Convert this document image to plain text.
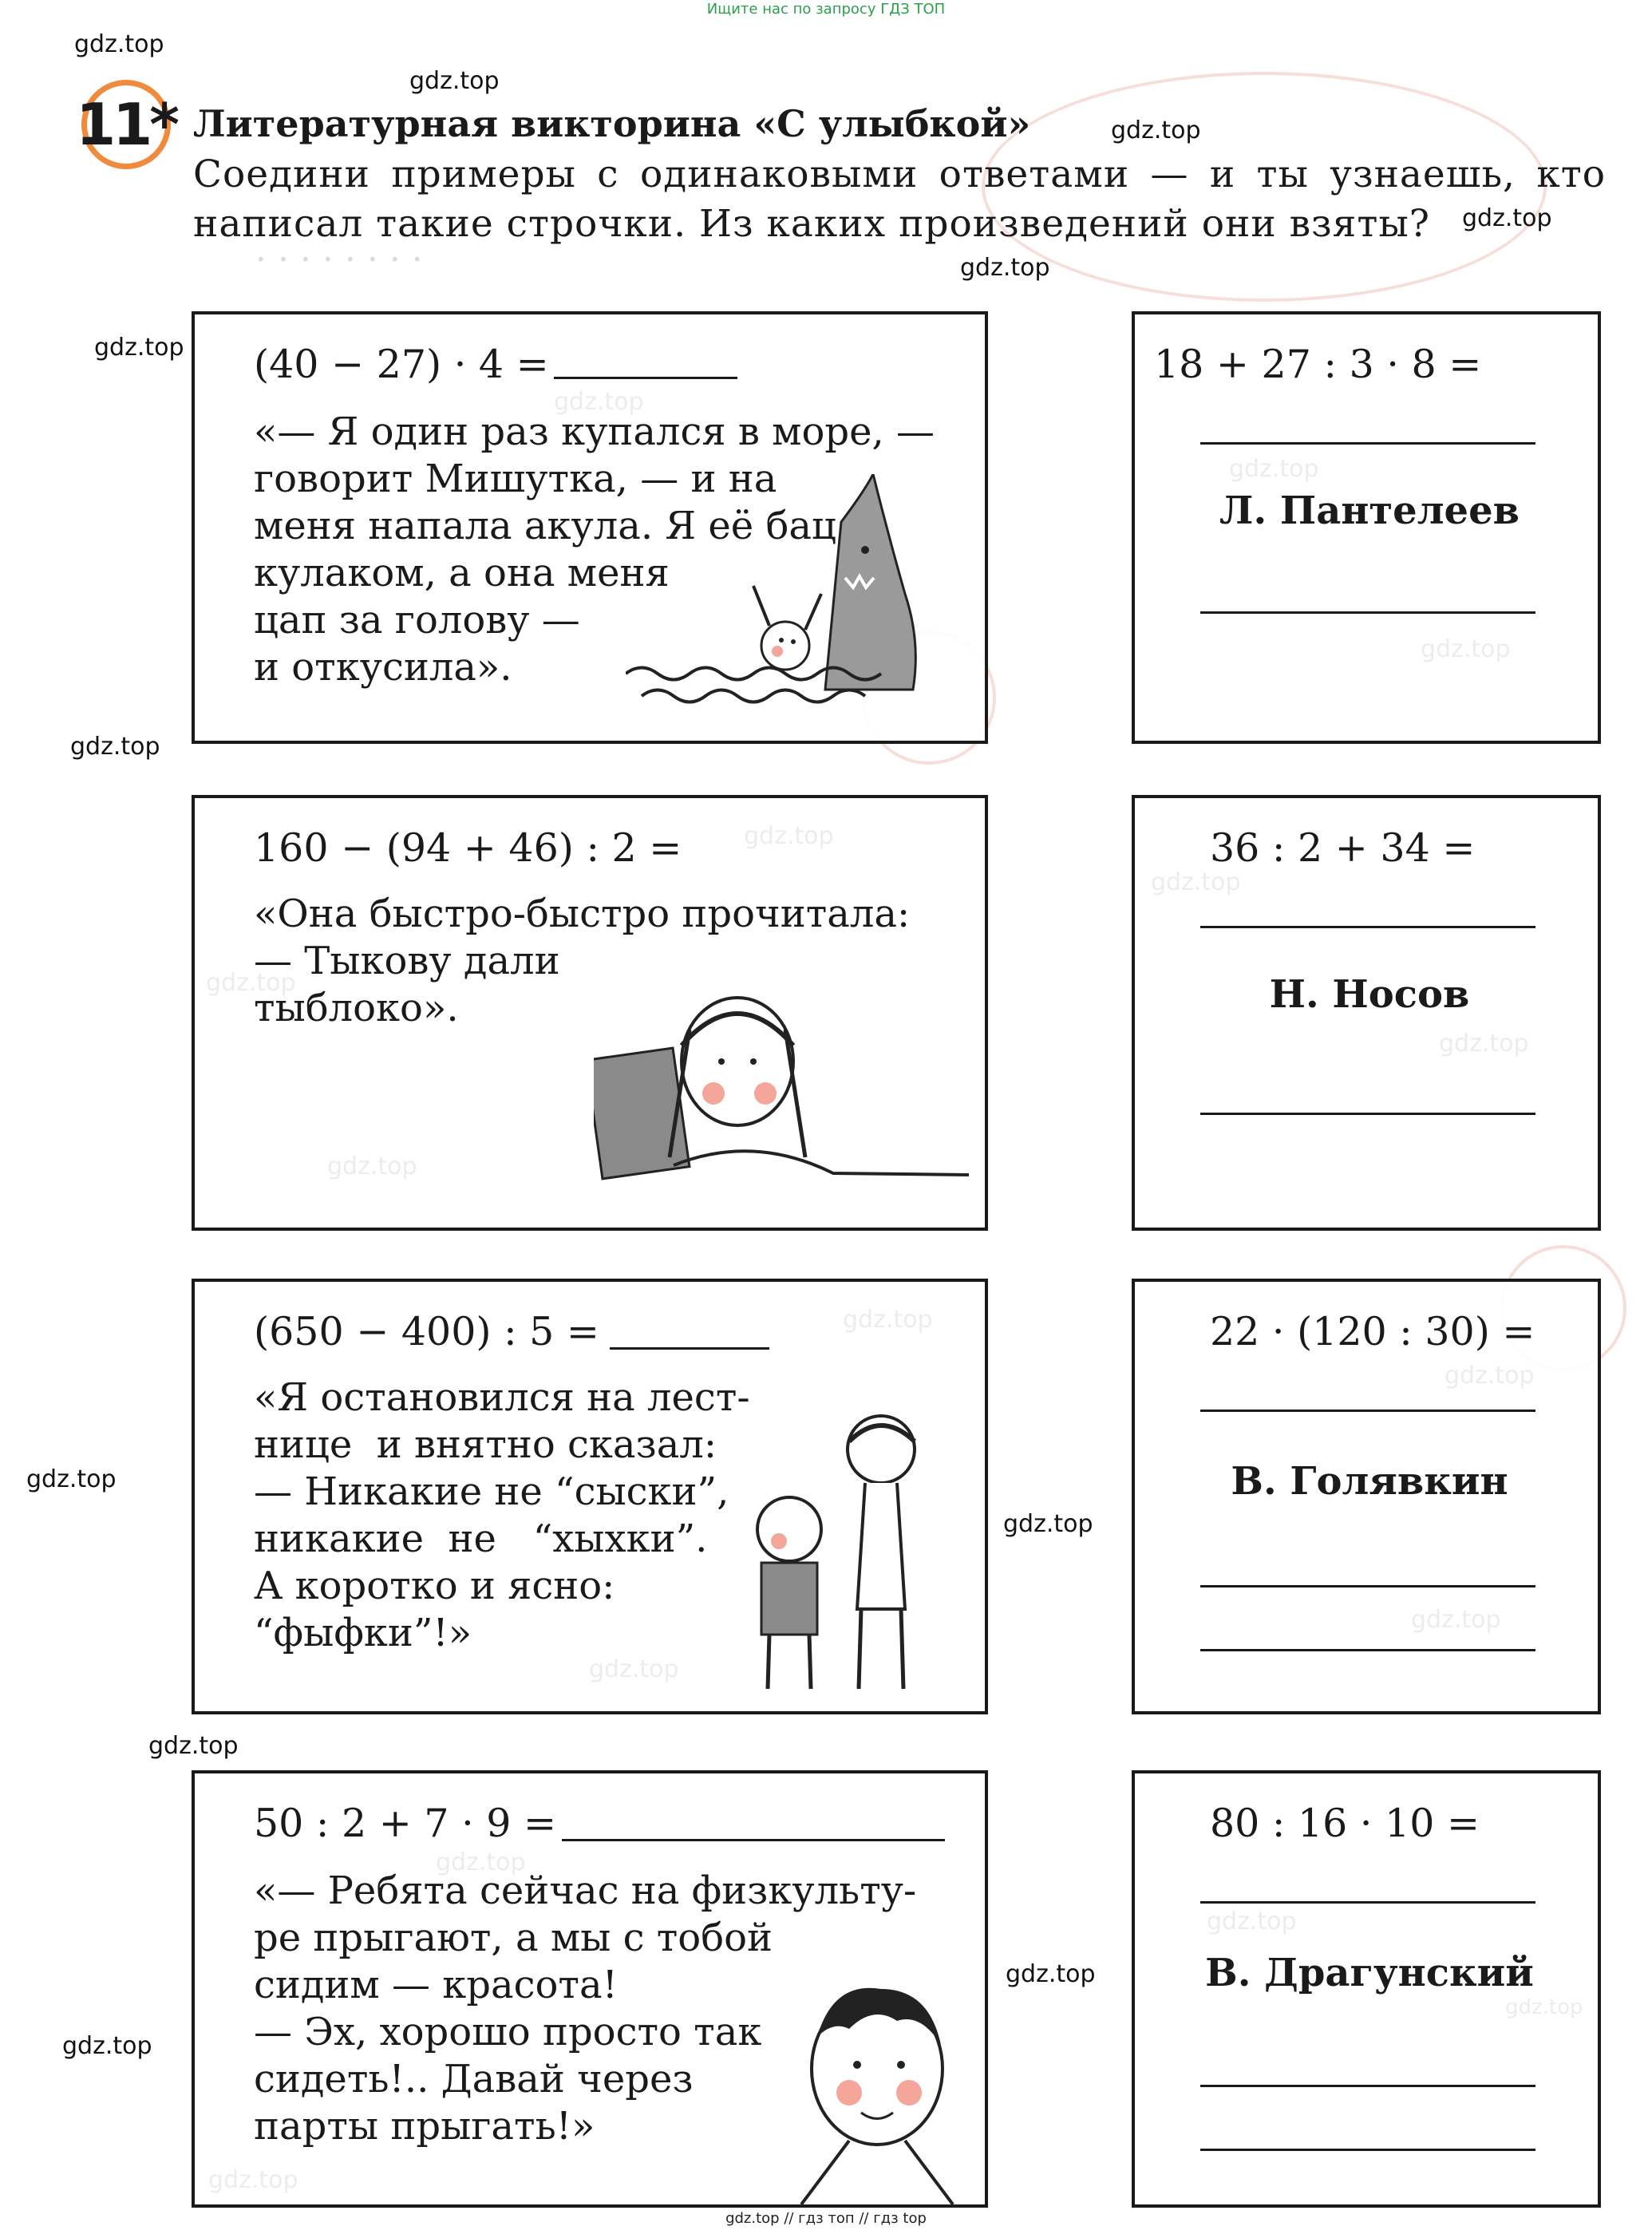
· · · · · · · ·
Ищите нас по запросу ГДЗ ТОП
gdz.top
gdz.top
gdz.top
gdz.top
gdz.top
gdz.top
gdz.top
gdz.top
gdz.top
gdz.top
gdz.top
gdz.top
11* Литературная викторина «С улыбкой»
Соедини примеры с одинаковыми ответами — и ты узнаешь, кто написал такие строчки. Из каких произведений они взяты?
(40 − 27) · 4 =
«— Я один раз купался в море, —
говорит Мишутка, — и на
меня напала акула. Я её бац
кулаком, а она меня
цап за голову —
и откусила».
18 + 27 : 3 · 8 =
Л. Пантелеев
160 − (94 + 46) : 2 =
«Она быстро-быстро прочитала:
— Тыкову дали
тыблоко».
36 : 2 + 34 =
Н. Носов
(650 − 400) : 5 =
«Я остановился на лест-
нице  и внятно сказал:
— Никакие не “сыски”,
никакие  не   “хыхки”.
А коротко и ясно:
“фыфки”!»
22 · (120 : 30) =
В. Голявкин
50 : 2 + 7 · 9 =
«— Ребята сейчас на физкульту-
ре прыгают, а мы с тобой
сидим — красота!
— Эх, хорошо просто так
сидеть!.. Давай через
парты прыгать!»
80 : 16 · 10 =
В. Драгунский
gdz.top // гдз топ // гдз top
